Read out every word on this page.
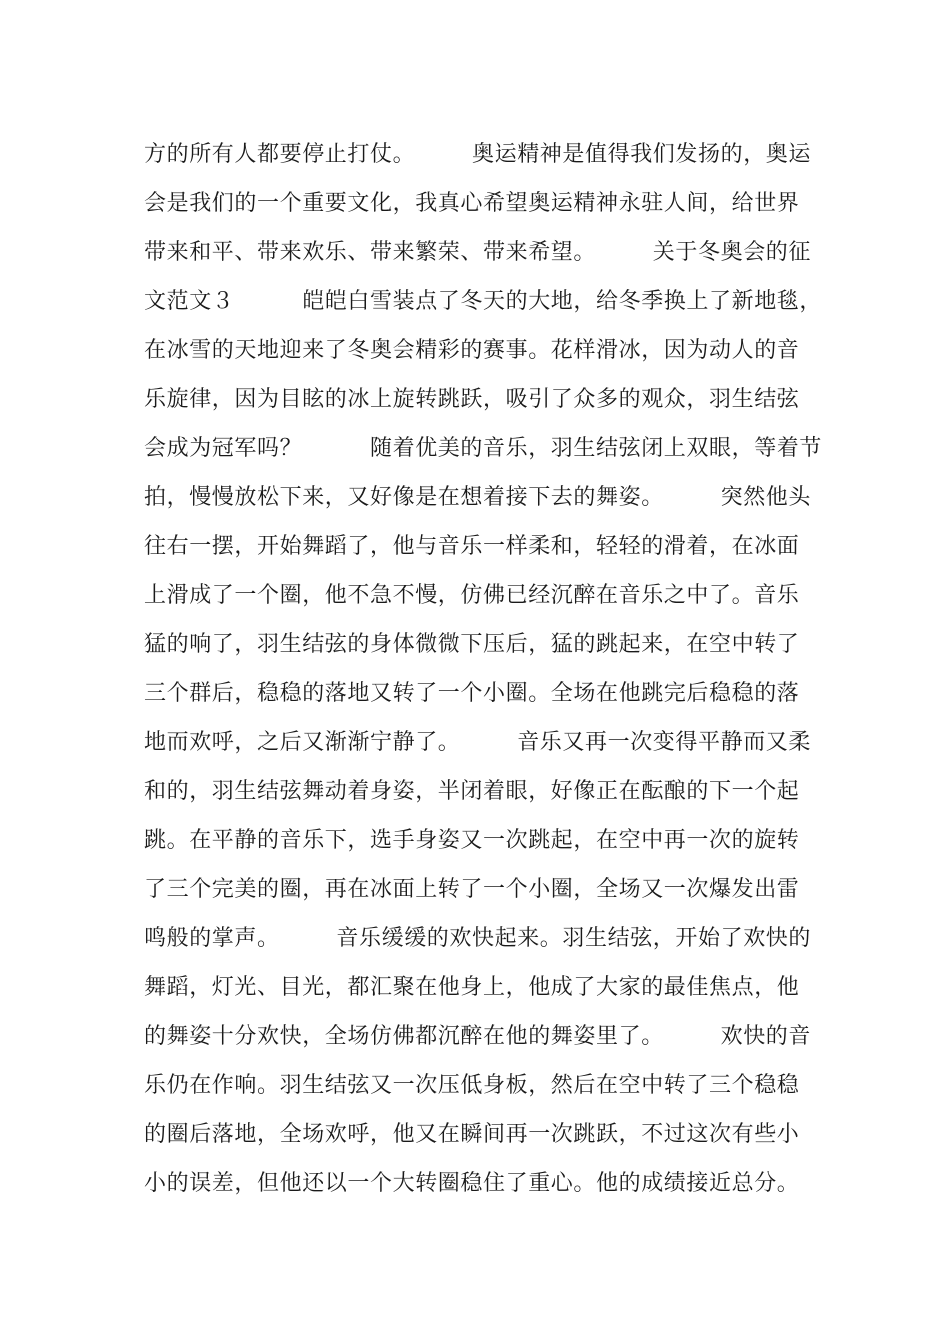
方的所有人都要停止打仗。　　　奥运精神是值得我们发扬的，奥运
会是我们的一个重要文化，我真心希望奥运精神永驻人间，给世界
带来和平、带来欢乐、带来繁荣、带来希望。　　　关于冬奥会的征
文范文３　　　皑皑白雪装点了冬天的大地，给冬季换上了新地毯，
在冰雪的天地迎来了冬奥会精彩的赛事。花样滑冰，因为动人的音
乐旋律，因为目眩的冰上旋转跳跃，吸引了众多的观众，羽生结弦
会成为冠军吗？　　　随着优美的音乐，羽生结弦闭上双眼，等着节
拍，慢慢放松下来，又好像是在想着接下去的舞姿。　　　突然他头
往右一摆，开始舞蹈了，他与音乐一样柔和，轻轻的滑着，在冰面
上滑成了一个圈，他不急不慢，仿佛已经沉醉在音乐之中了。音乐
猛的响了，羽生结弦的身体微微下压后，猛的跳起来，在空中转了
三个群后，稳稳的落地又转了一个小圈。全场在他跳完后稳稳的落
地而欢呼，之后又渐渐宁静了。　　　音乐又再一次变得平静而又柔
和的，羽生结弦舞动着身姿，半闭着眼，好像正在酝酿的下一个起
跳。在平静的音乐下，选手身姿又一次跳起，在空中再一次的旋转
了三个完美的圈，再在冰面上转了一个小圈，全场又一次爆发出雷
鸣般的掌声。　　　音乐缓缓的欢快起来。羽生结弦，开始了欢快的
舞蹈，灯光、目光，都汇聚在他身上，他成了大家的最佳焦点，他
的舞姿十分欢快，全场仿佛都沉醉在他的舞姿里了。　　　欢快的音
乐仍在作响。羽生结弦又一次压低身板，然后在空中转了三个稳稳
的圈后落地，全场欢呼，他又在瞬间再一次跳跃，不过这次有些小
小的误差，但他还以一个大转圈稳住了重心。他的成绩接近总分。
